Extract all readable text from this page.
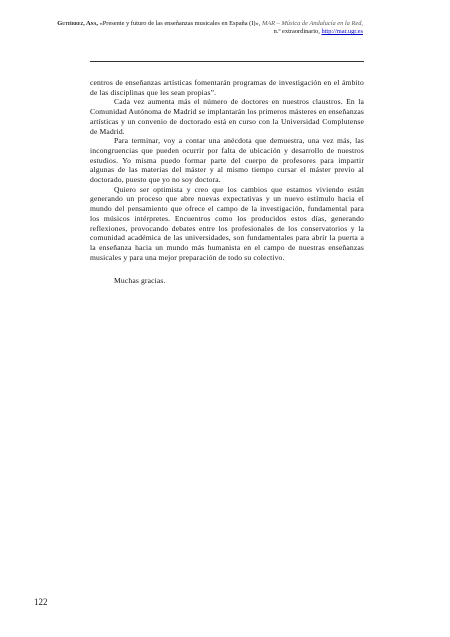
Gutiérrez, Ana, «Presente y futuro de las enseñanzas musicales en España (I)», MAR – Música de Andalucía en la Red,
n.º extraordinario, http://mar.ugr.es

centros de enseñanzas artísticas fomentarán programas de investigación en el ámbito de las disciplinas que les sean propias”.

Cada vez aumenta más el número de doctores en nuestros claustros. En la Comunidad Autónoma de Madrid se implantarán los primeros másteres en enseñanzas artísticas y un convenio de doctorado está en curso con la Universidad Complutense de Madrid.

Para terminar, voy a contar una anécdota que demuestra, una vez más, las incongruencias que pueden ocurrir por falta de ubicación y desarrollo de nuestros estudios. Yo misma puedo formar parte del cuerpo de profesores para impartir algunas de las materias del máster y al mismo tiempo cursar el máster previo al doctorado, puesto que yo no soy doctora.

Quiero ser optimista y creo que los cambios que estamos viviendo están generando un proceso que abre nuevas expectativas y un nuevo estímulo hacia el mundo del pensamiento que ofrece el campo de la investigación, fundamental para los músicos intérpretes. Encuentros como los producidos estos días, generando reflexiones, provocando debates entre los profesionales de los conservatorios y la comunidad académica de las universidades, son fundamentales para abrir la puerta a la enseñanza hacia un mundo más humanista en el campo de nuestras enseñanzas musicales y para una mejor preparación de todo su colectivo.

Muchas gracias.

122
